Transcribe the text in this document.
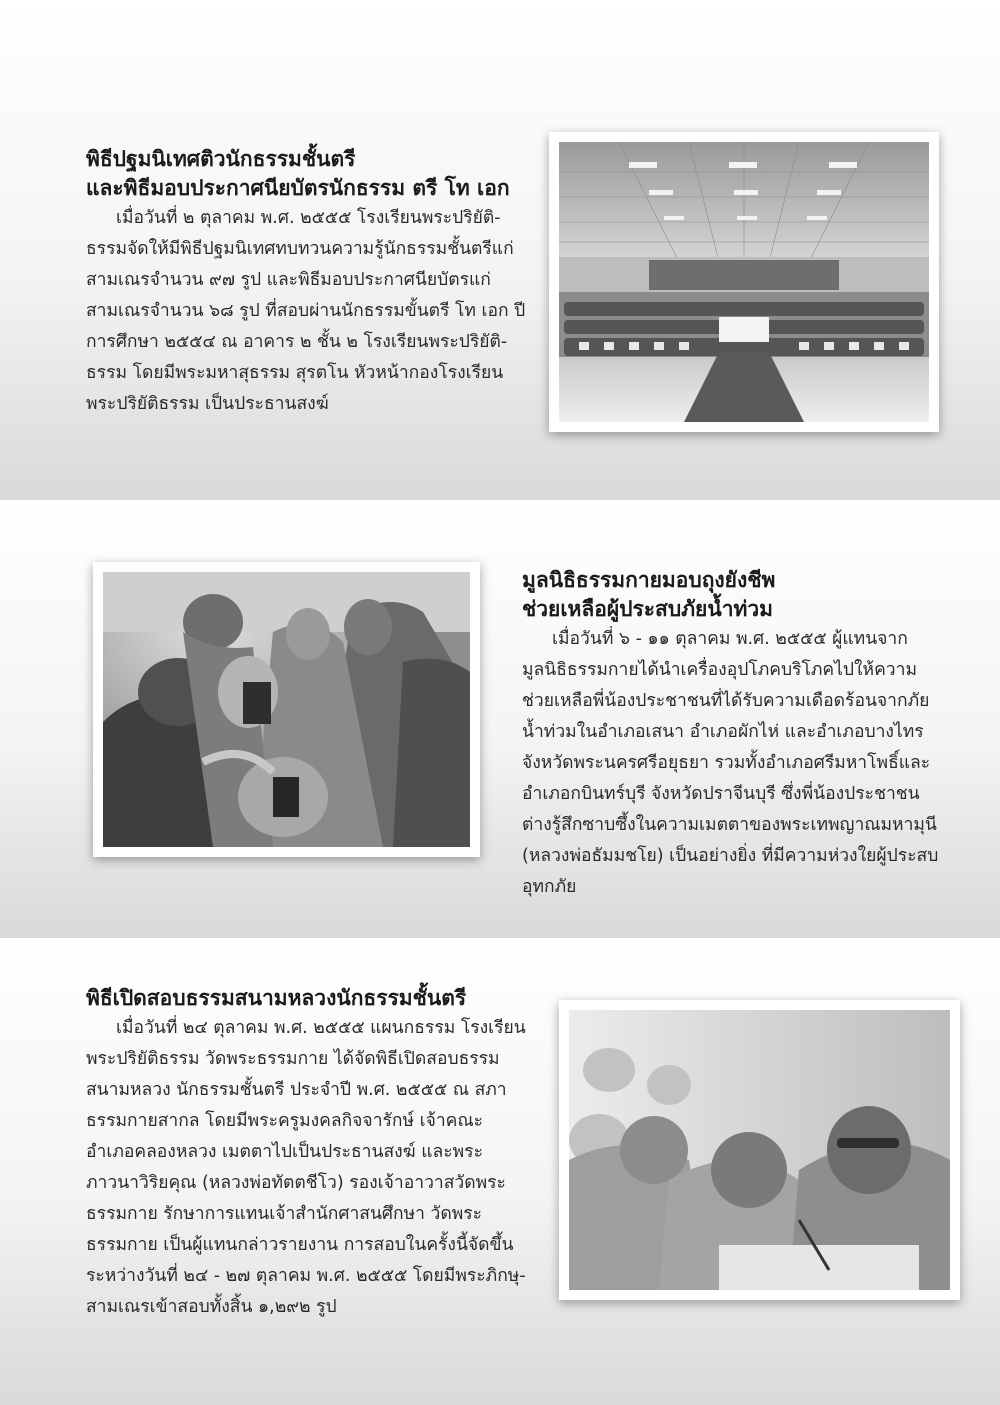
พิธีปฐมนิเทศติวนักธรรมชั้นตรี
และพิธีมอบประกาศนียบัตรนักธรรม ตรี โท เอก

เมื่อวันที่ ๒ ตุลาคม พ.ศ. ๒๕๕๕ โรงเรียนพระปริยัติ-ธรรมจัดให้มีพิธีปฐมนิเทศทบทวนความรู้นักธรรมชั้นตรีแก่สามเณรจำนวน ๙๗ รูป และพิธีมอบประกาศนียบัตรแก่สามเณรจำนวน ๖๘ รูป ที่สอบผ่านนักธรรมขั้นตรี โท เอก ปีการศึกษา ๒๕๕๔ ณ อาคาร ๒ ชั้น ๒ โรงเรียนพระปริยัติ-ธรรม โดยมีพระมหาสุธรรม สุรตโน หัวหน้ากองโรงเรียนพระปริยัติธรรม เป็นประธานสงฆ์

มูลนิธิธรรมกายมอบถุงยังชีพ
ช่วยเหลือผู้ประสบภัยน้ำท่วม

เมื่อวันที่ ๖ - ๑๑ ตุลาคม พ.ศ. ๒๕๕๕ ผู้แทนจากมูลนิธิธรรมกายได้นำเครื่องอุปโภคบริโภคไปให้ความช่วยเหลือพี่น้องประชาชนที่ได้รับความเดือดร้อนจากภัยน้ำท่วมในอำเภอเสนา อำเภอผักไห่ และอำเภอบางไทร จังหวัดพระนครศรีอยุธยา รวมทั้งอำเภอศรีมหาโพธิ์และอำเภอกบินทร์บุรี จังหวัดปราจีนบุรี ซึ่งพี่น้องประชาชนต่างรู้สึกซาบซึ้งในความเมตตาของพระเทพญาณมหามุนี (หลวงพ่อธัมมชโย) เป็นอย่างยิ่ง ที่มีความห่วงใยผู้ประสบอุทกภัย

พิธีเปิดสอบธรรมสนามหลวงนักธรรมชั้นตรี

เมื่อวันที่ ๒๔ ตุลาคม พ.ศ. ๒๕๕๕ แผนกธรรม โรงเรียนพระปริยัติธรรม วัดพระธรรมกาย ได้จัดพิธีเปิดสอบธรรมสนามหลวง นักธรรมชั้นตรี ประจำปี พ.ศ. ๒๕๕๕ ณ สภาธรรมกายสากล โดยมีพระครูมงคลกิจจารักษ์ เจ้าคณะอำเภอคลองหลวง เมตตาไปเป็นประธานสงฆ์ และพระภาวนาวิริยคุณ (หลวงพ่อทัตตชีโว) รองเจ้าอาวาสวัดพระธรรมกาย รักษาการแทนเจ้าสำนักศาสนศึกษา วัดพระธรรมกาย เป็นผู้แทนกล่าวรายงาน การสอบในครั้งนี้จัดขึ้นระหว่างวันที่ ๒๔ - ๒๗ ตุลาคม พ.ศ. ๒๕๕๕ โดยมีพระภิกษุ-สามเณรเข้าสอบทั้งสิ้น ๑,๒๙๒ รูป
